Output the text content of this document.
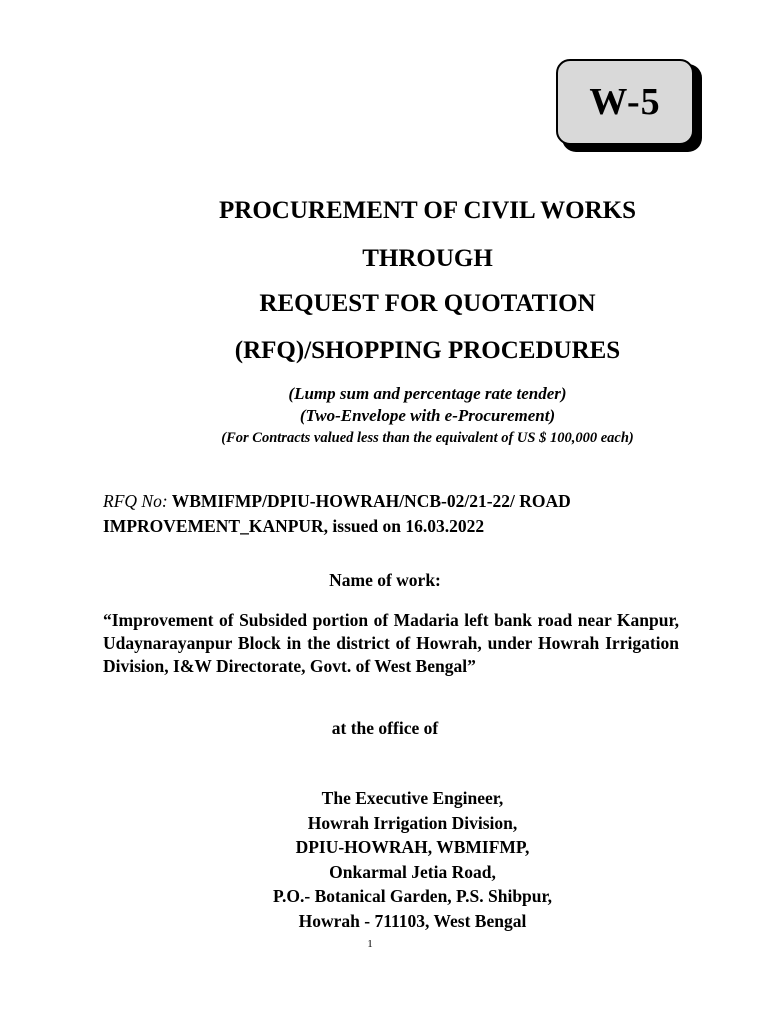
W-5
PROCUREMENT OF CIVIL WORKS
THROUGH
REQUEST FOR QUOTATION
(RFQ)/SHOPPING PROCEDURES
(Lump sum and percentage rate tender)
(Two-Envelope with e-Procurement)
(For Contracts valued less than the equivalent of US $ 100,000 each)
RFQ No: WBMIFMP/DPIU-HOWRAH/NCB-02/21-22/ ROAD IMPROVEMENT_KANPUR, issued on 16.03.2022
Name of work:
“Improvement of Subsided portion of Madaria left bank road near Kanpur, Udaynarayanpur Block in the district of Howrah, under Howrah Irrigation Division, I&W Directorate, Govt. of West Bengal”
at the office of
The Executive Engineer,
Howrah Irrigation Division,
DPIU-HOWRAH, WBMIFMP,
Onkarmal Jetia Road,
P.O.- Botanical Garden, P.S. Shibpur,
Howrah - 711103, West Bengal
1
